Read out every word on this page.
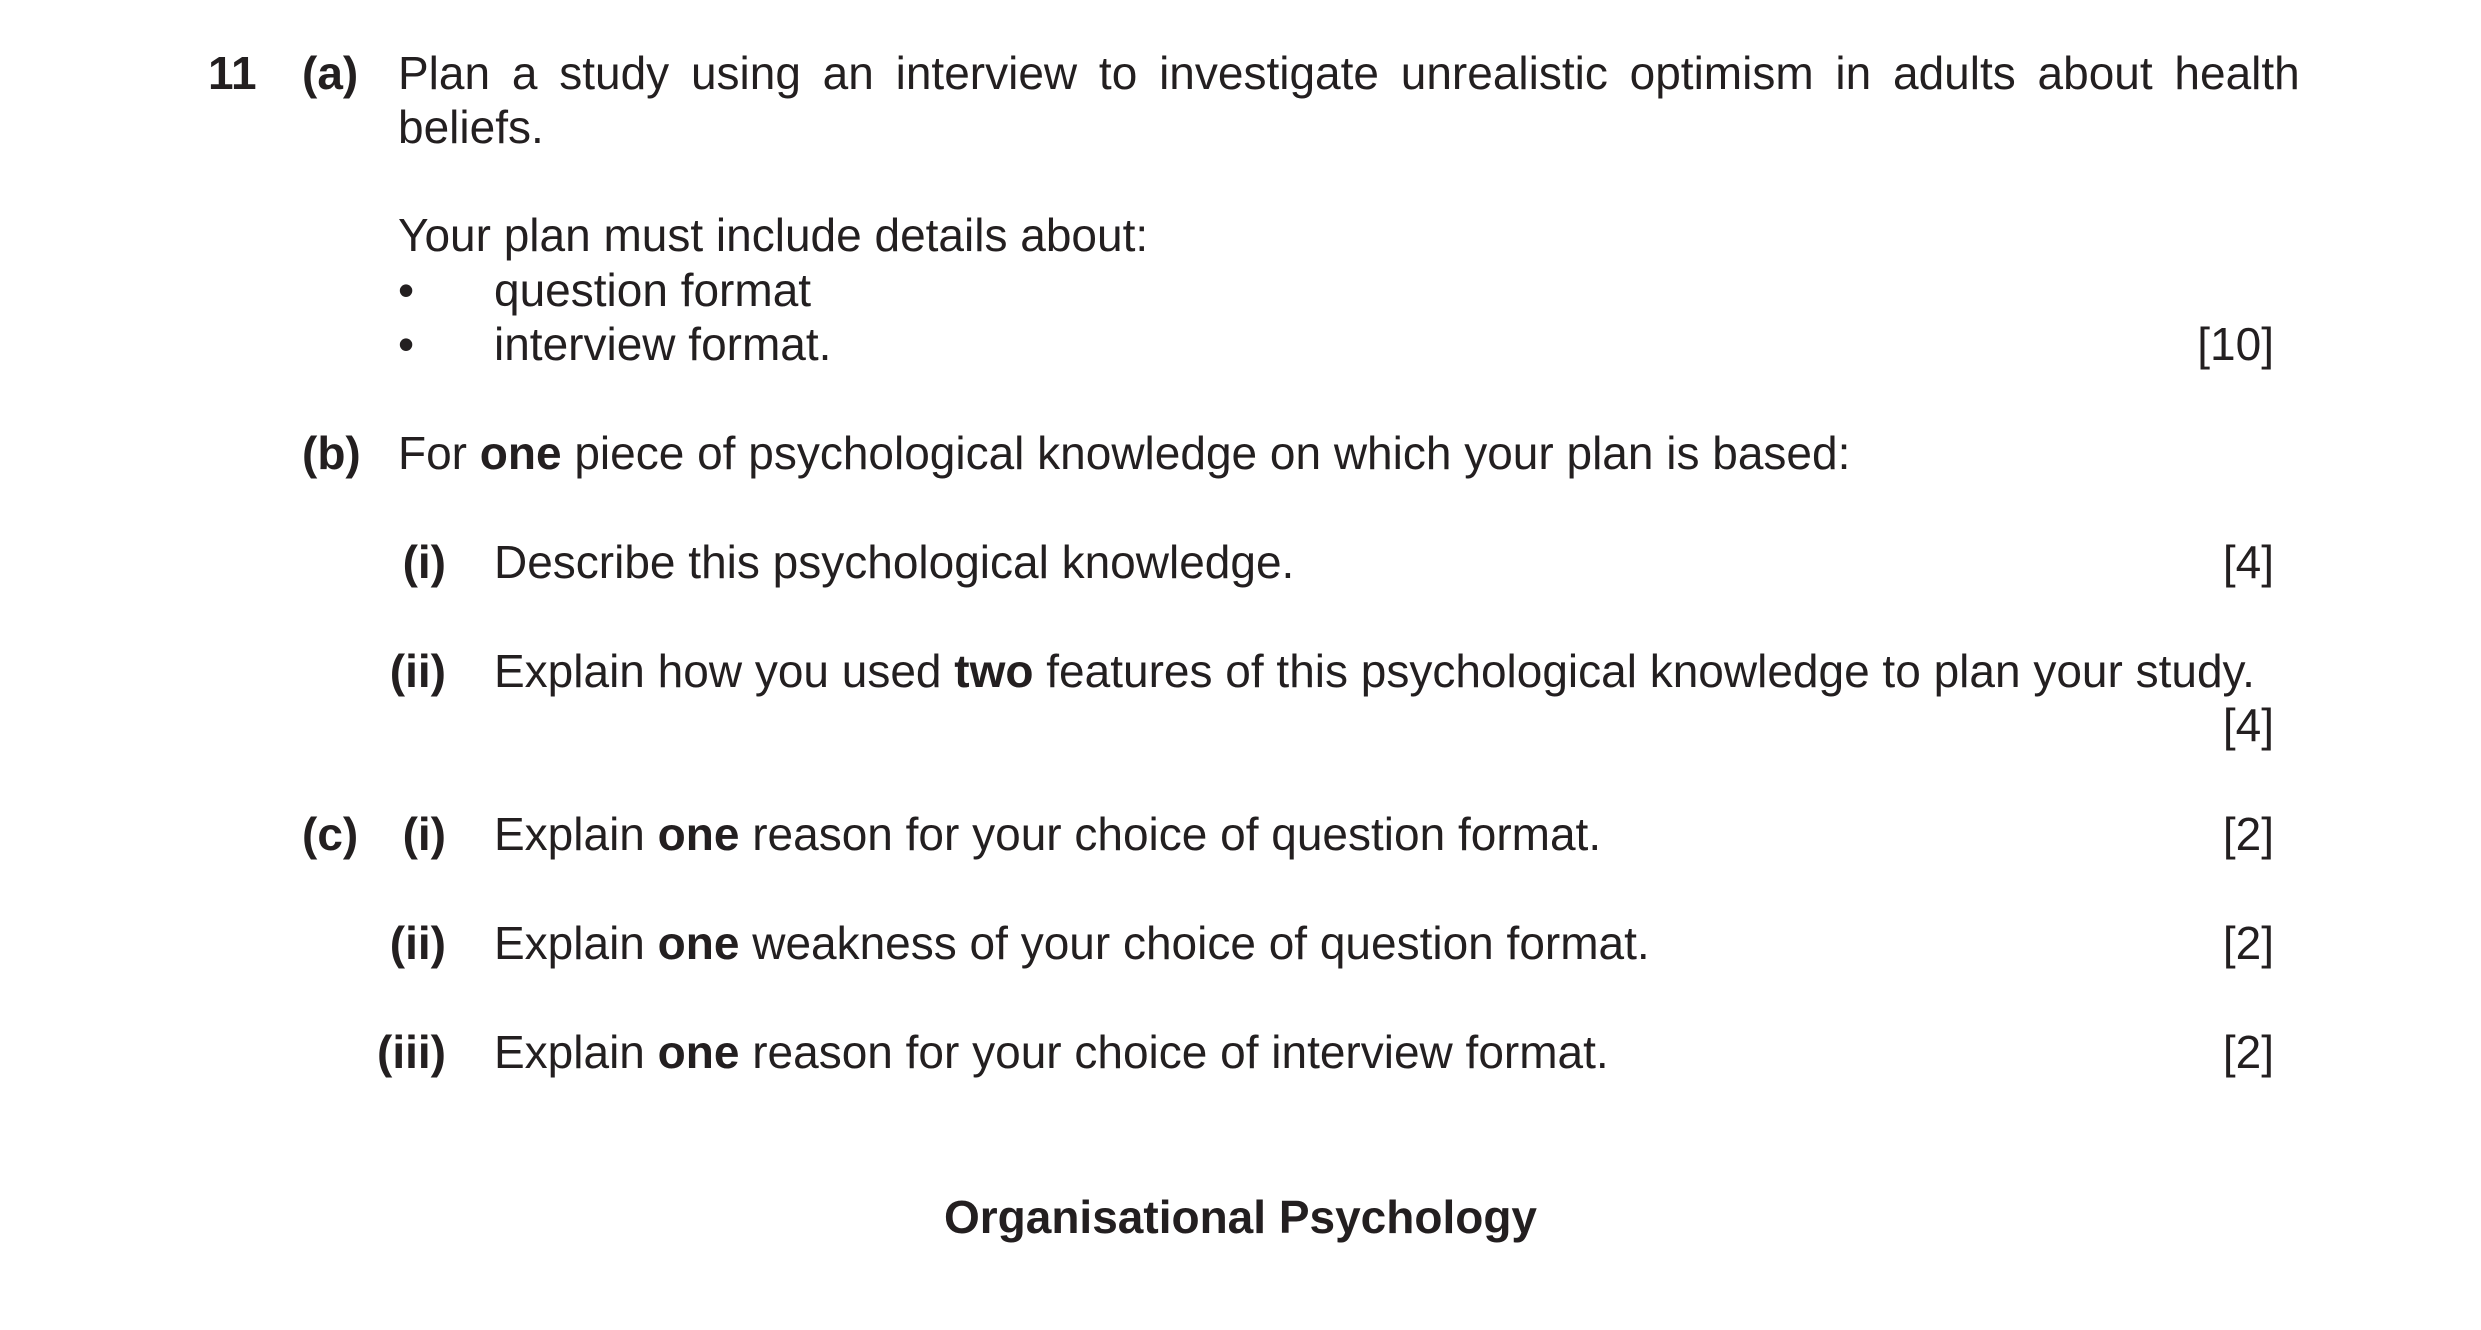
11 (a) Plan a study using an interview to investigate unrealistic optimism in adults about health
beliefs.
Your plan must include details about:
• question format
• interview format.	[10]
(b) For one piece of psychological knowledge on which your plan is based:
(i) Describe this psychological knowledge.	[4]
(ii) Explain how you used two features of this psychological knowledge to plan your study.
[4]
(c) (i) Explain one reason for your choice of question format.	[2]
(ii) Explain one weakness of your choice of question format.	[2]
(iii) Explain one reason for your choice of interview format.	[2]
Organisational Psychology
